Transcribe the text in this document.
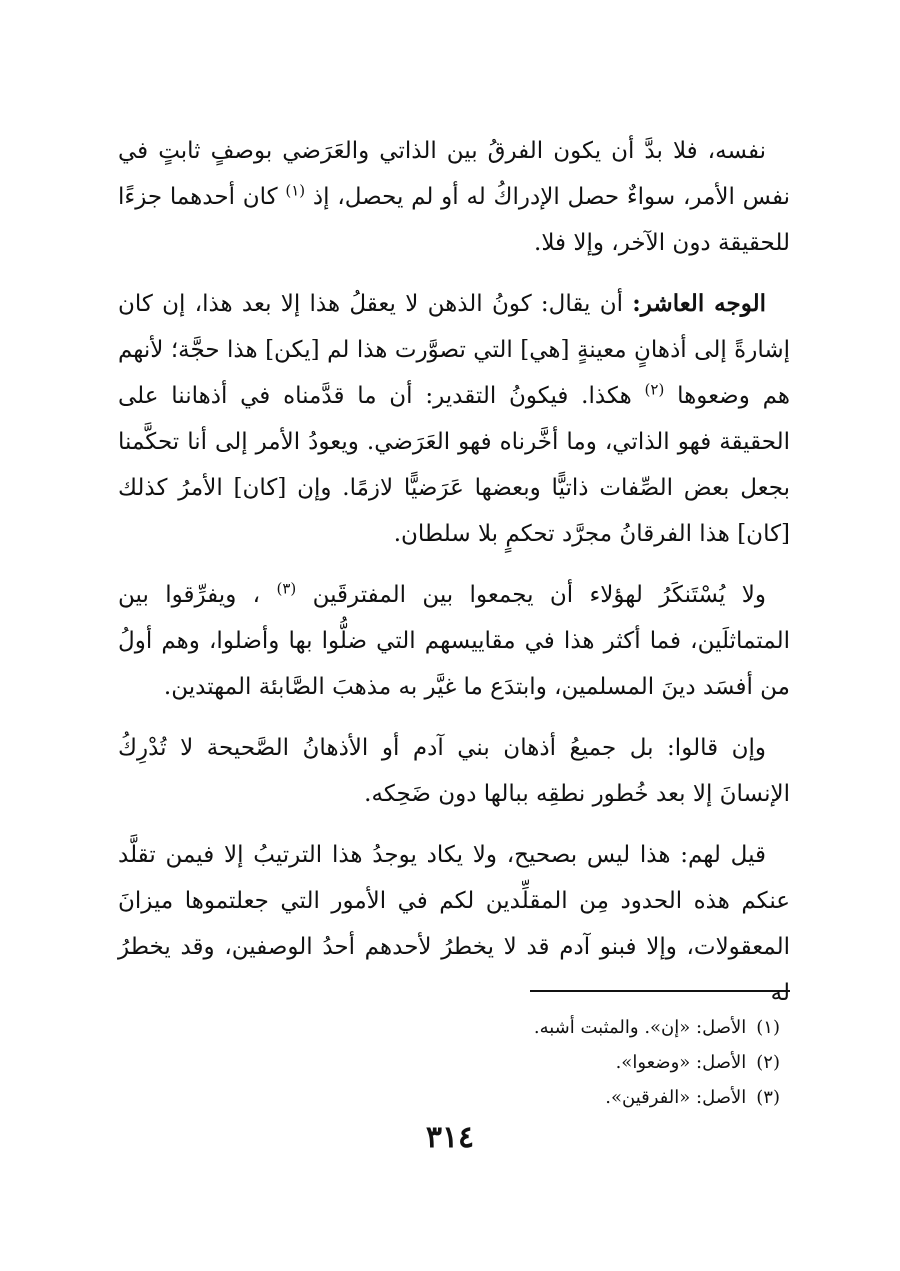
نفسه، فلا بدَّ أن يكون الفرقُ بين الذاتي والعَرَضي بوصفٍ ثابتٍ في نفس الأمر، سواءٌ حصل الإدراكُ له أو لم يحصل، إذ $^{(١)}$ كان أحدهما جزءًا للحقيقة دون الآخر، وإلا فلا.

الوجه العاشر: أن يقال: كونُ الذهن لا يعقلُ هذا إلا بعد هذا، إن كان إشارةً إلى أذهانٍ معينةٍ [هي] التي تصوَّرت هذا لم [يكن] هذا حجَّة؛ لأنهم هم وضعوها $^{(٢)}$ هكذا. فيكونُ التقدير: أن ما قدَّمناه في أذهاننا على الحقيقة فهو الذاتي، وما أخَّرناه فهو العَرَضي. ويعودُ الأمر إلى أنا تحكَّمنا بجعل بعض الصِّفات ذاتيًّا وبعضها عَرَضيًّا لازمًا. وإن [كان] الأمرُ كذلك [كان] هذا الفرقانُ مجرَّد تحكمٍ بلا سلطان.

ولا يُسْتَنكَرُ لهؤلاء أن يجمعوا بين المفترقَين $^{(٣)}$ ، ويفرِّقوا بين المتماثلَين، فما أكثر هذا في مقاييسهم التي ضلُّوا بها وأضلوا، وهم أولُ من أفسَد دينَ المسلمين، وابتدَع ما غيَّر به مذهبَ الصَّابئة المهتدين.

وإن قالوا: بل جميعُ أذهان بني آدم أو الأذهانُ الصَّحيحة لا تُدْرِكُ الإنسانَ إلا بعد خُطور نطقِه ببالها دون ضَحِكه.

قيل لهم: هذا ليس بصحيح، ولا يكاد يوجدُ هذا الترتيبُ إلا فيمن تقلَّد عنكم هذه الحدود مِن المقلِّدين لكم في الأمور التي جعلتموها ميزانَ المعقولات، وإلا فبنو آدم قد لا يخطرُ لأحدهم أحدُ الوصفين، وقد يخطرُ له

(١)الأصل: «إن». والمثبت أشبه.
(٢)الأصل: «وضعوا».
(٣)الأصل: «الفرقين».
٣١٤
